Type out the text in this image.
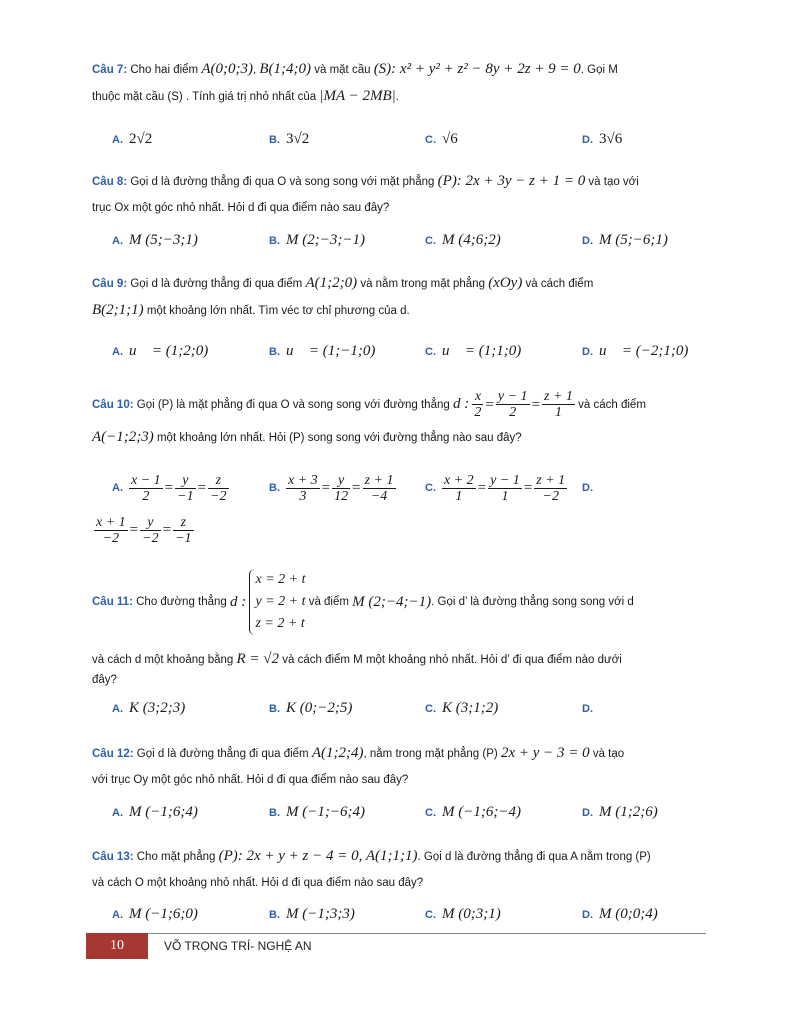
Câu 7: Cho hai điểm A(0;0;3), B(1;4;0) và mặt cầu (S): x² + y² + z² − 8y + 2z + 9 = 0. Gọi M
thuộc mặt cầu (S) . Tính giá trị nhỏ nhất của |MA − 2MB|.
A. 2√2	B. 3√2	C. √6	D. 3√6
Câu 8: Gọi d là đường thẳng đi qua O và song song với mặt phẳng (P): 2x + 3y − z + 1 = 0 và tạo với
trục Ox một góc nhỏ nhất. Hỏi d đi qua điểm nào sau đây?
A. M (5;−3;1)	B. M (2;−3;−1)	C. M (4;6;2)	D. M (5;−6;1)
Câu 9: Gọi d là đường thẳng đi qua điểm A(1;2;0) và nằm trong mặt phẳng (xOy) và cách điểm
B(2;1;1) một khoảng lớn nhất. Tìm véc tơ chỉ phương của d.
A. u⃗ = (1;2;0)	B. u⃗ = (1;−1;0)	C. u⃗ = (1;1;0)	D. u⃗ = (−2;1;0)
Câu 10: Gọi (P) là mặt phẳng đi qua O và song song với đường thẳng d : $\frac{x}{2} = \frac{y - 1}{2} = \frac{z + 1}{1}$ và cách điểm
A(−1;2;3) một khoảng lớn nhất. Hỏi (P) song song với đường thẳng nào sau đây?
A. $\frac{x - 1}{2} = \frac{y}{-1} = \frac{z}{-2}$	B. $\frac{x + 3}{3} = \frac{y}{12} = \frac{z + 1}{-4}$	C. $\frac{x + 2}{1} = \frac{y - 1}{1} = \frac{z + 1}{-2} D$.
$\frac{x + 1}{-2} = \frac{y}{-2} = \frac{z}{-1}$
Câu 11:
Cho đường thẳng
d :

x = 2 + t
y = 2 + t
z = 2 + t

và điểm
M (2;−4;−1) . Gọi d’ là đường thẳng song song với d
và cách d một khoảng bằng R = √2 và cách điểm M một khoảng nhỏ nhất. Hỏi d’ đi qua điểm nào dưới
đây?
A. K (3;2;3)	B. K (0;−2;5)	C. K (3;1;2)	D.
Câu 12: Gọi d là đường thẳng đi qua điểm A(1;2;4), nằm trong mặt phẳng (P) 2x + y − 3 = 0 và tạo
với trục Oy một góc nhỏ nhất. Hỏi d đi qua điểm nào sau đây?
A. M (−1;6;4)	B. M (−1;−6;4)	C. M (−1;6;−4)	D. M (1;2;6)
Câu 13: Cho mặt phẳng (P): 2x + y + z − 4 = 0, A(1;1;1). Gọi d là đường thẳng đi qua A nằm trong (P)
và cách O một khoảng nhỏ nhất. Hỏi d đi qua điểm nào sau đây?
A. M (−1;6;0)	B. M (−1;3;3)	C. M (0;3;1)	D. M (0;0;4)
10	VÕ TRỌNG TRÍ- NGHỆ AN
